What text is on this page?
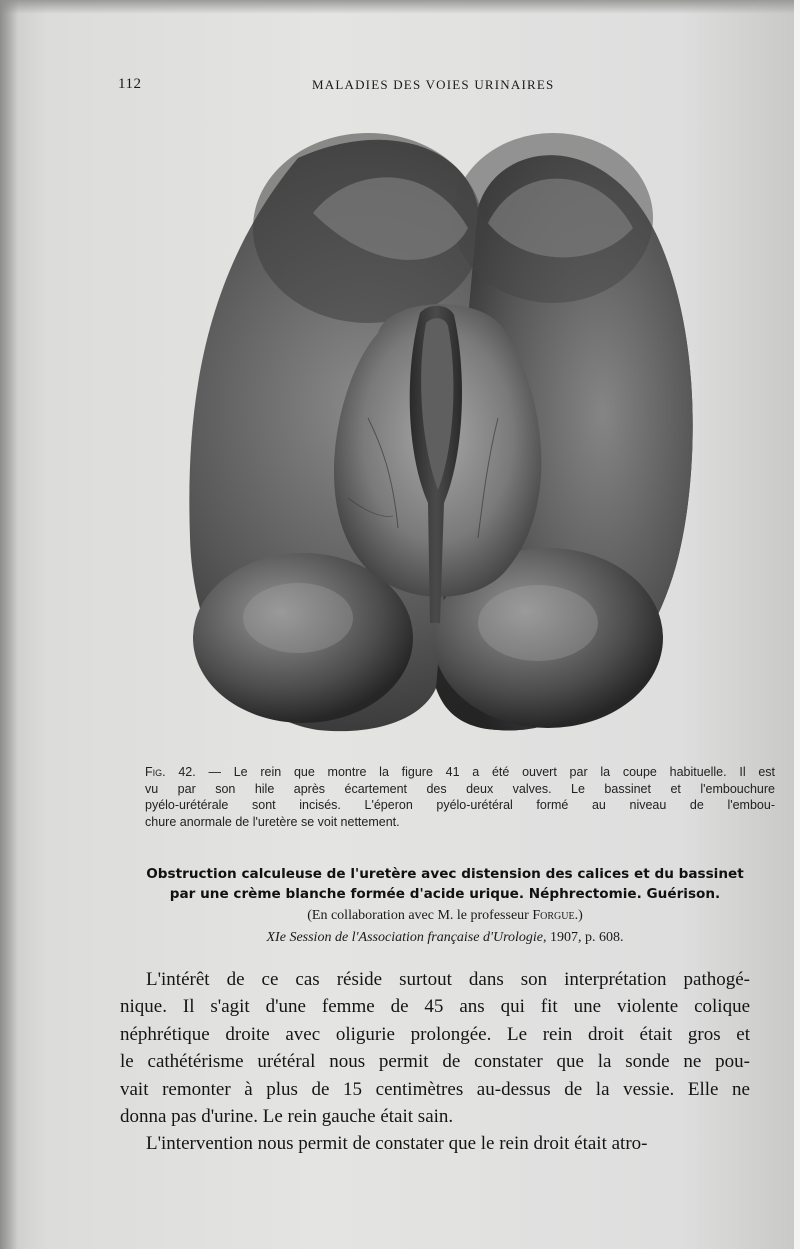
112	MALADIES DES VOIES URINAIRES
Fig. 42. — Le rein que montre la figure 41 a été ouvert par la coupe habituelle. Il est
vu par son hile après écartement des deux valves. Le bassinet et l'embouchure
pyélo-urétérale sont incisés. L'éperon pyélo-urétéral formé au niveau de l'embou-
chure anormale de l'uretère se voit nettement.
Obstruction calculeuse de l'uretère avec distension des calices et du bassinet
par une crème blanche formée d'acide urique. Néphrectomie. Guérison.
(En collaboration avec M. le professeur Forgue.)
XIe Session de l'Association française d'Urologie, 1907, p. 608.
L'intérêt de ce cas réside surtout dans son interprétation pathogé-
nique. Il s'agit d'une femme de 45 ans qui fit une violente colique
néphrétique droite avec oligurie prolongée. Le rein droit était gros et
le cathétérisme urétéral nous permit de constater que la sonde ne pou-
vait remonter à plus de 15 centimètres au-dessus de la vessie. Elle ne
donna pas d'urine. Le rein gauche était sain.
L'intervention nous permit de constater que le rein droit était atro-
